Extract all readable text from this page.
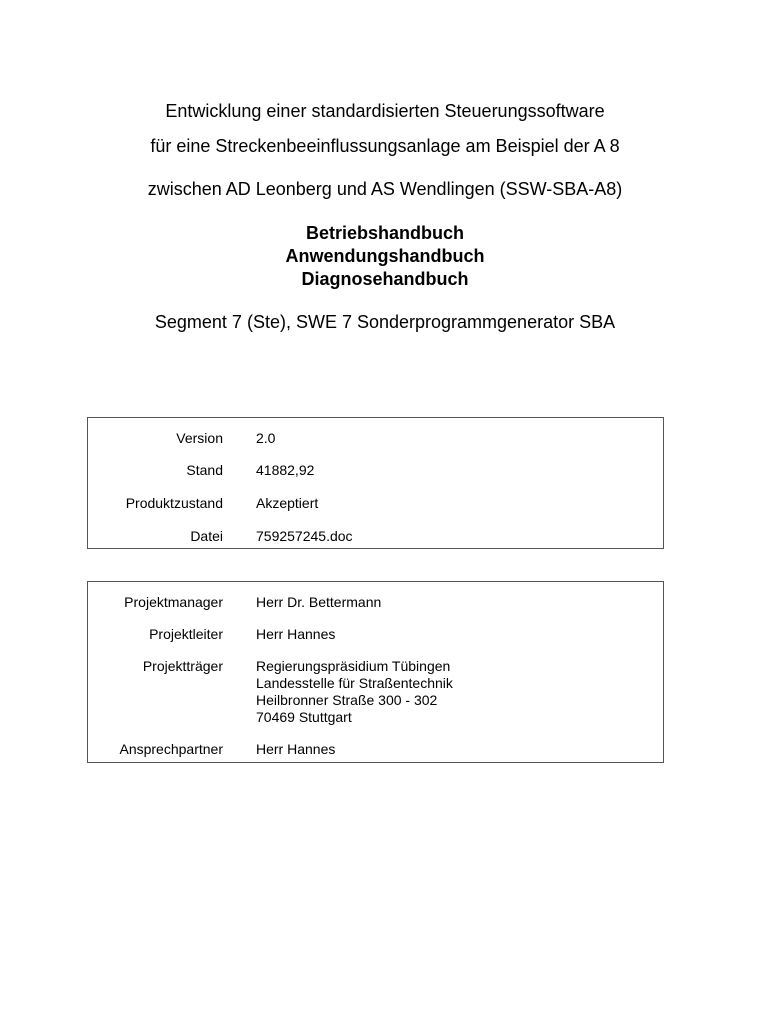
Entwicklung einer standardisierten Steuerungssoftware
für eine Streckenbeeinflussungsanlage am Beispiel der A 8
zwischen AD Leonberg und AS Wendlingen (SSW-SBA-A8)
Betriebshandbuch
Anwendungshandbuch
Diagnosehandbuch
Segment 7 (Ste), SWE 7 Sonderprogrammgenerator SBA
Version 2.0
Stand 41882,92
Produktzustand Akzeptiert
Datei 759257245.doc
Projektmanager Herr Dr. Bettermann
Projektleiter Herr Hannes
Projektträger Regierungspräsidium Tübingen
Landesstelle für Straßentechnik
Heilbronner Straße 300 - 302
70469 Stuttgart
Ansprechpartner Herr Hannes
